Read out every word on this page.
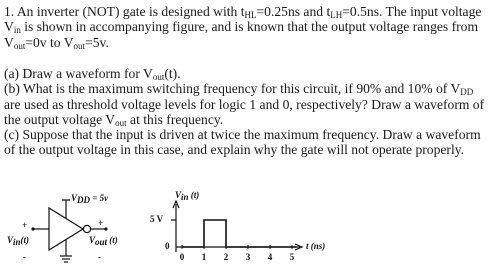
1. An inverter (NOT) gate is designed with $t_{HL}=0.25ns$ and $t_{LH}=0.5ns$. The input voltage
$V_{in}$ is shown in accompanying figure, and is known that the output voltage ranges from
$V_{out}=0v$ to $V_{out}=5v$.
(a) Draw a waveform for $V_{out}(t)$.
(b) What is the maximum switching frequency for this circuit, if 90% and 10% of $V_{DD}$
are used as threshold voltage levels for logic 1 and 0, respectively? Draw a waveform of
the output voltage $V_{out}$ at this frequency.
(c) Suppose that the input is driven at twice the maximum frequency. Draw a waveform
of the output voltage in this case, and explain why the gate will not operate properly.
0 1 2 3 4 5
$V_{DD} = 5v$
+
$V_{in}(t)$
-
+
$V_{out}$ (t)
-
$V_{in}$ (t)
5 V
0	t (ns)
